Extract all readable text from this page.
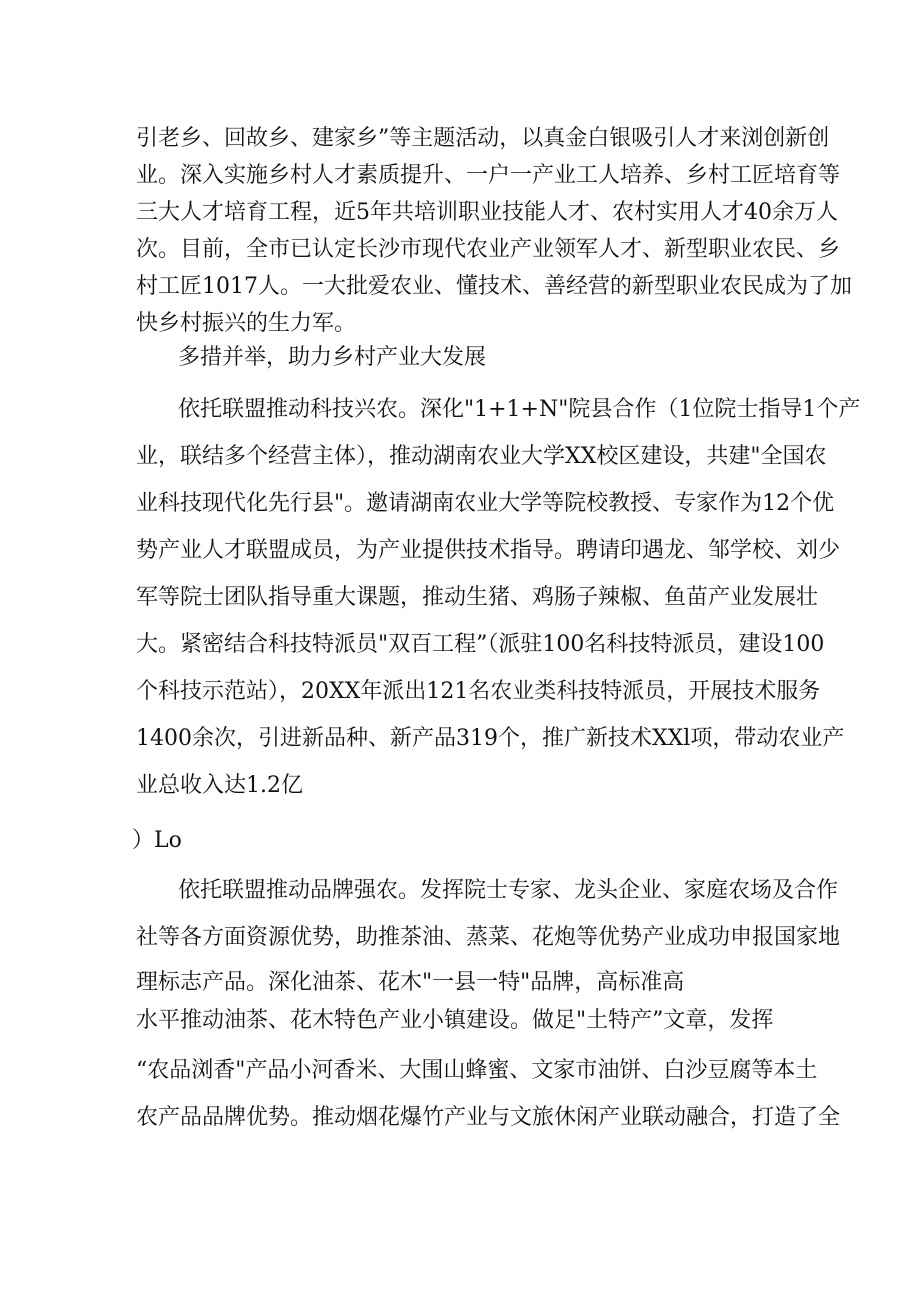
引老乡、回故乡、建家乡”等主题活动，以真金白银吸引人才来浏创新创
业。深入实施乡村人才素质提升、一户一产业工人培养、乡村工匠培育等
三大人才培育工程，近5年共培训职业技能人才、农村实用人才40余万人
次。目前，全市已认定长沙市现代农业产业领军人才、新型职业农民、乡
村工匠1017人。一大批爱农业、懂技术、善经营的新型职业农民成为了加
快乡村振兴的生力军。
多措并举，助力乡村产业大发展
依托联盟推动科技兴农。深化"1+1+N"院县合作（1位院士指导1个产
业，联结多个经营主体），推动湖南农业大学XX校区建设，共建"全国农
业科技现代化先行县"。邀请湖南农业大学等院校教授、专家作为12个优
势产业人才联盟成员，为产业提供技术指导。聘请印遇龙、邹学校、刘少
军等院士团队指导重大课题，推动生猪、鸡肠子辣椒、鱼苗产业发展壮
大。紧密结合科技特派员"双百工程”（派驻100名科技特派员，建设100
个科技示范站），20XX年派出121名农业类科技特派员，开展技术服务
1400余次，引进新品种、新产品319个，推广新技术XXl项，带动农业产
业总收入达1.2亿
）Lo
依托联盟推动品牌强农。发挥院士专家、龙头企业、家庭农场及合作
社等各方面资源优势，助推茶油、蒸菜、花炮等优势产业成功申报国家地
理标志产品。深化油茶、花木"一县一特"品牌，高标准高
水平推动油茶、花木特色产业小镇建设。做足"土特产”文章，发挥
“农品浏香"产品小河香米、大围山蜂蜜、文家市油饼、白沙豆腐等本土
农产品品牌优势。推动烟花爆竹产业与文旅休闲产业联动融合，打造了全
